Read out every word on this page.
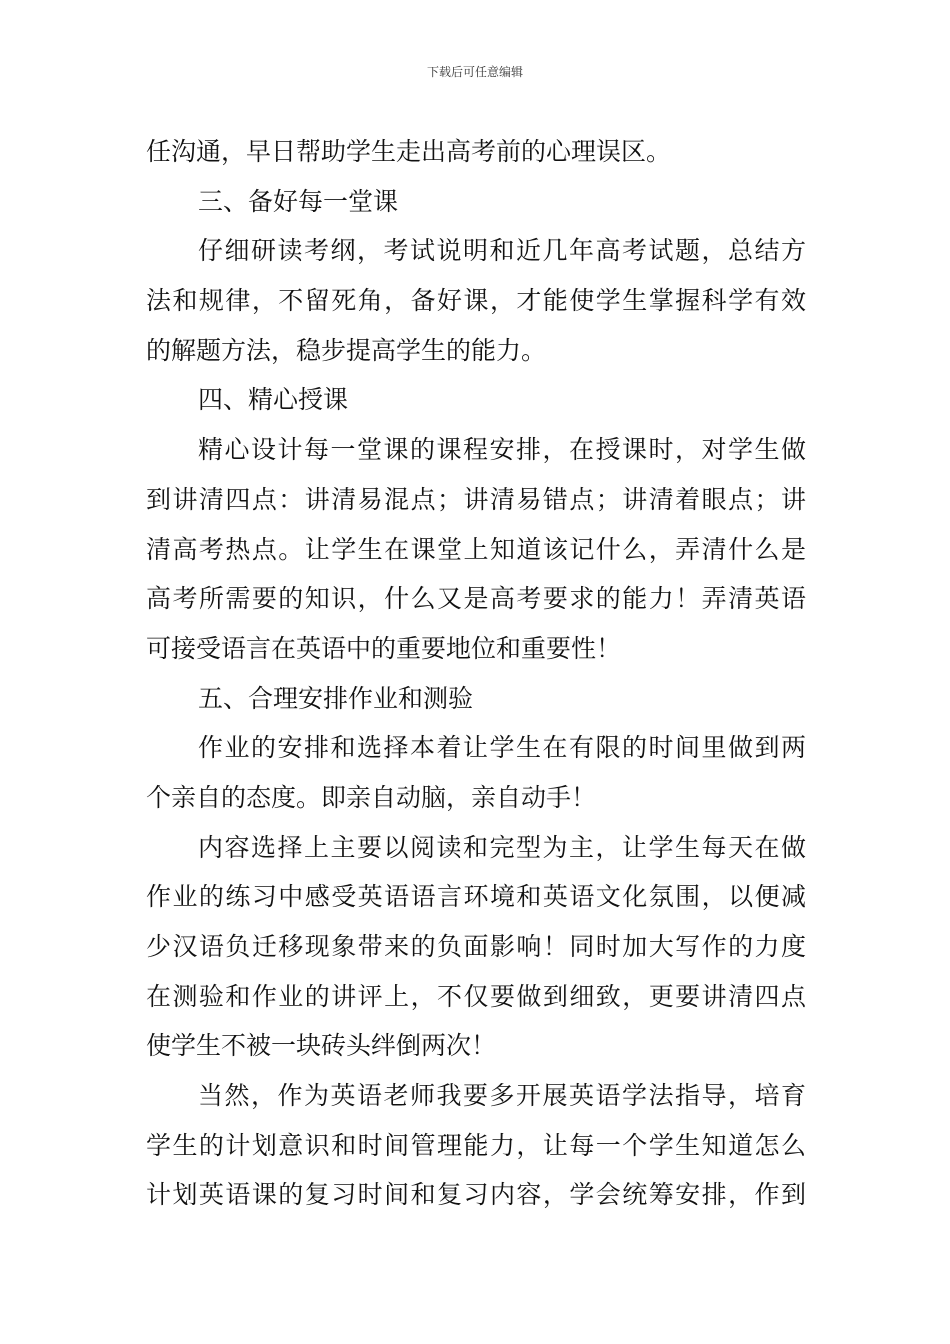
下载后可任意编辑
任沟通，早日帮助学生走出高考前的心理误区。
三、备好每一堂课
仔细研读考纲，考试说明和近几年高考试题，总结方
法和规律，不留死角，备好课，才能使学生掌握科学有效
的解题方法，稳步提高学生的能力。
四、精心授课
精心设计每一堂课的课程安排，在授课时，对学生做
到讲清四点：讲清易混点；讲清易错点；讲清着眼点；讲
清高考热点。让学生在课堂上知道该记什么，弄清什么是
高考所需要的知识，什么又是高考要求的能力！弄清英语
可接受语言在英语中的重要地位和重要性！
五、合理安排作业和测验
作业的安排和选择本着让学生在有限的时间里做到两
个亲自的态度。即亲自动脑，亲自动手！
内容选择上主要以阅读和完型为主，让学生每天在做
作业的练习中感受英语语言环境和英语文化氛围，以便减
少汉语负迁移现象带来的负面影响！同时加大写作的力度
在测验和作业的讲评上，不仅要做到细致，更要讲清四点
使学生不被一块砖头绊倒两次！
当然，作为英语老师我要多开展英语学法指导，培育
学生的计划意识和时间管理能力，让每一个学生知道怎么
计划英语课的复习时间和复习内容，学会统筹安排，作到
